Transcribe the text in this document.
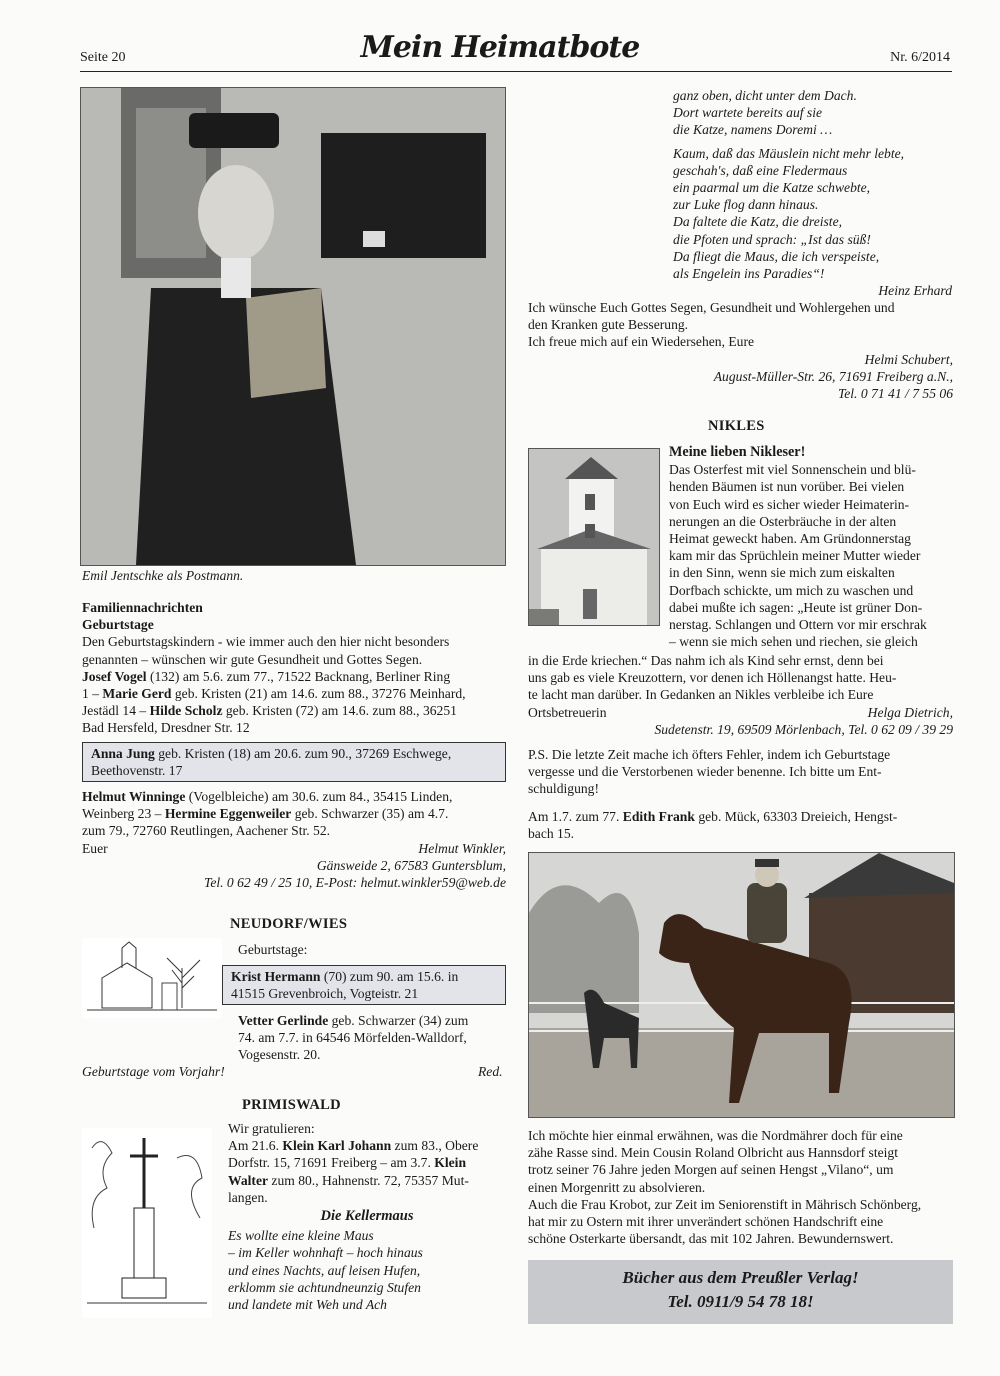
Seite 20	Mein Heimatbote	Nr. 6/2014
Emil Jentschke als Postmann.

Familiennachrichten

Geburtstage

Den Geburtstagskindern - wie immer auch den hier nicht besonders genannten – wünschen wir gute Gesundheit und Gottes Segen.

Josef Vogel (132) am 5.6. zum 77., 71522 Backnang, Berliner Ring

1 – Marie Gerd geb. Kristen (21) am 14.6. zum 88., 37276 Meinhard,

Jestädl 14 – Hilde Scholz geb. Kristen (72) am 14.6. zum 88., 36251

Bad Hersfeld, Dresdner Str. 12

Anna Jung geb. Kristen (18) am 20.6. zum 90., 37269 Eschwege,

Beethovenstr. 17

Helmut Winninge (Vogelbleiche) am 30.6. zum 84., 35415 Linden,

Weinberg 23 – Hermine Eggenweiler geb. Schwarzer (35) am 4.7.

zum 79., 72760 Reutlingen, Aachener Str. 52.

Euer	Helmut Winkler,

Gänsweide 2, 67583 Guntersblum,

Tel. 0 62 49 / 25 10, E-Post: helmut.winkler59@web.de

NEUDORF/WIES
Geburtstage:

Krist Hermann (70) zum 90. am 15.6. in

41515 Grevenbroich, Vogteistr. 21

Vetter Gerlinde geb. Schwarzer (34) zum

74. am 7.7. in 64546 Mörfelden-Walldorf,

Vogesenstr. 20.

Geburtstage vom Vorjahr!	Red.
PRIMISWALD

Wir gratulieren:

Am 21.6. Klein Karl Johann zum 83., Obere

Dorfstr. 15, 71691 Freiberg – am 3.7. Klein

Walter zum 80., Hahnenstr. 72, 75357 Mut-

langen.

Die Kellermaus

Es wollte eine kleine Maus

– im Keller wohnhaft – hoch hinaus

und eines Nachts, auf leisen Hufen,

erklomm sie achtundneunzig Stufen

und landete mit Weh und Ach

ganz oben, dicht unter dem Dach.

Dort wartete bereits auf sie

die Katze, namens Doremi …

Kaum, daß das Mäuslein nicht mehr lebte,

geschah's, daß eine Fledermaus

ein paarmal um die Katze schwebte,

zur Luke flog dann hinaus.

Da faltete die Katz, die dreiste,

die Pfoten und sprach: „Ist das süß!

Da fliegt die Maus, die ich verspeiste,

als Engelein ins Paradies“!

Heinz Erhard

Ich wünsche Euch Gottes Segen, Gesundheit und Wohlergehen und

den Kranken gute Besserung.

Ich freue mich auf ein Wiedersehen, Eure

Helmi Schubert,

August-Müller-Str. 26, 71691 Freiberg a.N.,

Tel. 0 71 41 / 7 55 06

NIKLES

Meine lieben Nikleser!

Das Osterfest mit viel Sonnenschein und blü-

henden Bäumen ist nun vorüber. Bei vielen

von Euch wird es sicher wieder Heimaterin-

nerungen an die Osterbräuche in der alten

Heimat geweckt haben. Am Gründonnerstag

kam mir das Sprüchlein meiner Mutter wieder

in den Sinn, wenn sie mich zum eiskalten

Dorfbach schickte, um mich zu waschen und

dabei mußte ich sagen: „Heute ist grüner Don-

nerstag. Schlangen und Ottern vor mir erschrak

– wenn sie mich sehen und riechen, sie gleich

in die Erde kriechen.“ Das nahm ich als Kind sehr ernst, denn bei

uns gab es viele Kreuzottern, vor denen ich Höllenangst hatte. Heu-

te lacht man darüber. In Gedanken an Nikles verbleibe ich Eure

Ortsbetreuerin	Helga Dietrich,

Sudetenstr. 19, 69509 Mörlenbach, Tel. 0 62 09 / 39 29

P.S. Die letzte Zeit mache ich öfters Fehler, indem ich Geburtstage

vergesse und die Verstorbenen wieder benenne. Ich bitte um Ent-

schuldigung!

Am 1.7. zum 77. Edith Frank geb. Mück, 63303 Dreieich, Hengst-

bach 15.

Ich möchte hier einmal erwähnen, was die Nordmährer doch für eine

zähe Rasse sind. Mein Cousin Roland Olbricht aus Hannsdorf steigt

trotz seiner 76 Jahre jeden Morgen auf seinen Hengst „Vilano“, um

einen Morgenritt zu absolvieren.

Auch die Frau Krobot, zur Zeit im Seniorenstift in Mährisch Schönberg,

hat mir zu Ostern mit ihrer unverändert schönen Handschrift eine

schöne Osterkarte übersandt, das mit 102 Jahren. Bewundernswert.

Bücher aus dem Preußler Verlag!
Tel. 0911/9 54 78 18!
